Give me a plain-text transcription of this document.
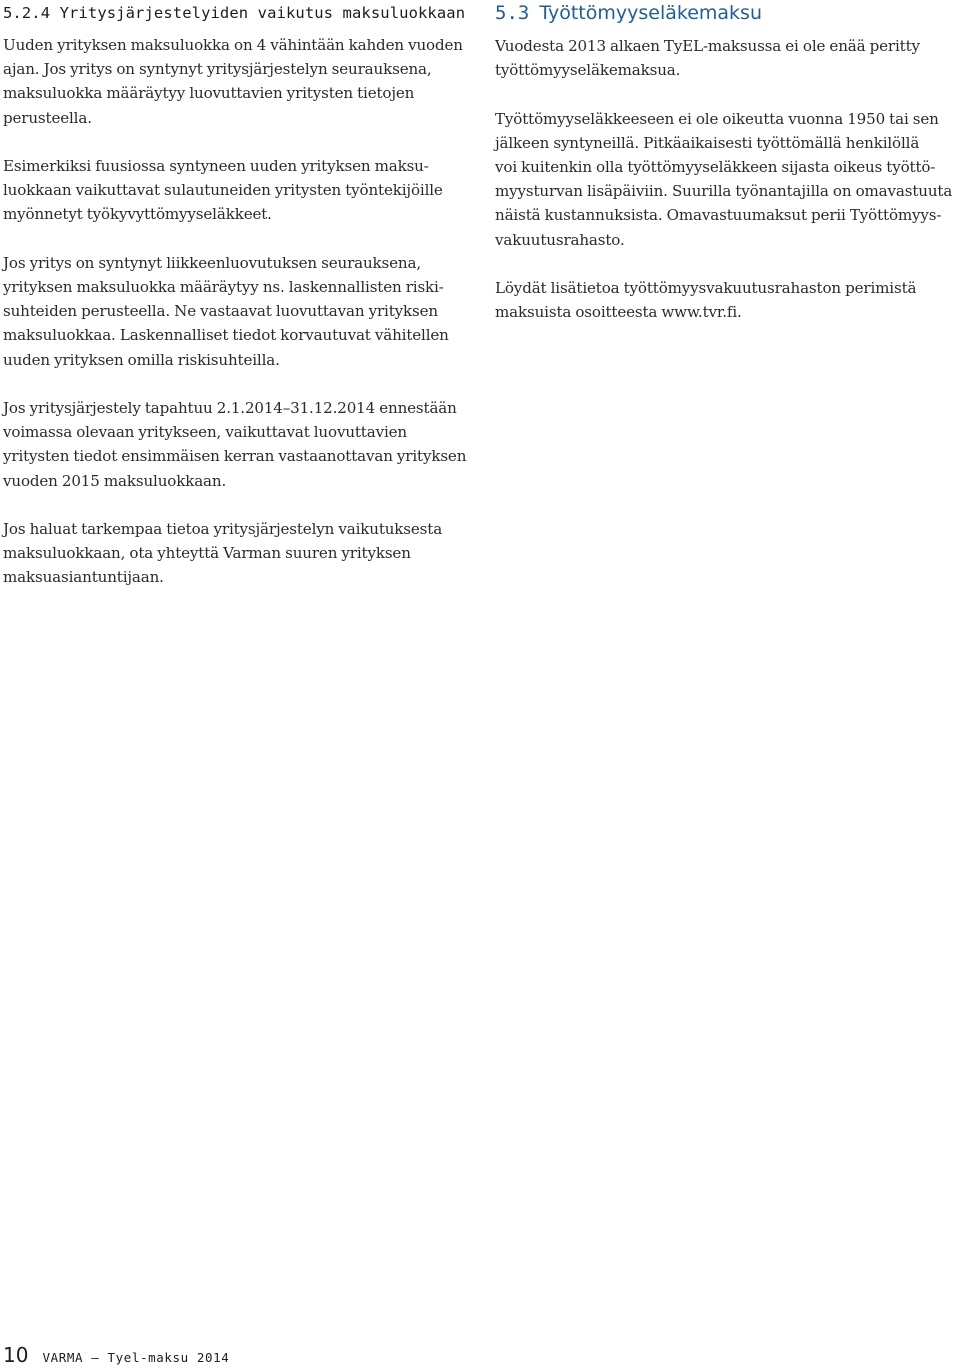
5.2.4 Yritysjärjestelyiden vaikutus maksuluokkaan

Uuden yrityksen maksuluokka on 4 vähintään kahden vuoden
ajan. Jos yritys on syntynyt yritysjärjestelyn seurauksena,
maksuluokka määräytyy luovuttavien yritysten tietojen
perusteella.

Esimerkiksi fuusiossa syntyneen uuden yrityksen maksu-
luokkaan vaikuttavat sulautuneiden yritysten työntekijöille
myönnetyt työkyvyttömyyseläkkeet.

Jos yritys on syntynyt liikkeenluovutuksen seurauksena,
yrityksen maksuluokka määräytyy ns. laskennallisten riski-
suhteiden perusteella. Ne vastaavat luovuttavan yrityksen
maksuluokkaa. Laskennalliset tiedot korvautuvat vähitellen
uuden yrityksen omilla riskisuhteilla.

Jos yritysjärjestely tapahtuu 2.1.2014–31.12.2014 ennestään
voimassa olevaan yritykseen, vaikuttavat luovuttavien
yritysten tiedot ensimmäisen kerran vastaanottavan yrityksen
vuoden 2015 maksuluokkaan.

Jos haluat tarkempaa tietoa yritysjärjestelyn vaikutuksesta
maksuluokkaan, ota yhteyttä Varman suuren yrityksen
maksuasiantuntijaan.

5.3 Työttömyyseläkemaksu

Vuodesta 2013 alkaen TyEL-maksussa ei ole enää peritty
työttömyyseläkemaksua.

Työttömyyseläkkeeseen ei ole oikeutta vuonna 1950 tai sen
jälkeen syntyneillä. Pitkäaikaisesti työttömällä henkilöllä
voi kuitenkin olla työttömyyseläkkeen sijasta oikeus työttö-
myysturvan lisäpäiviin. Suurilla työnantajilla on omavastuuta
näistä kustannuksista. Omavastuumaksut perii Työttömyys-
vakuutusrahasto.

Löydät lisätietoa työttömyysvakuutusrahaston perimistä
maksuista osoitteesta www.tvr.fi.

10 VARMA – Tyel-maksu 2014
